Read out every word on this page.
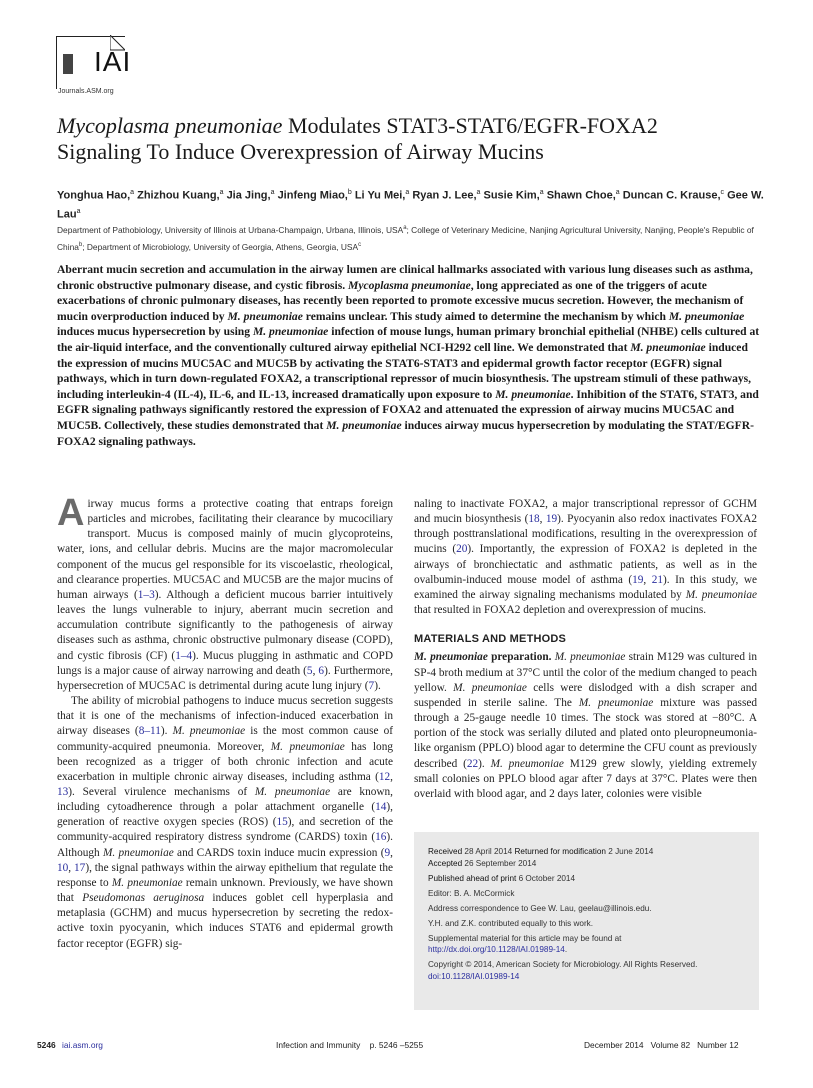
IAI
Journals.ASM.org
Mycoplasma pneumoniae Modulates STAT3-STAT6/EGFR-FOXA2
Signaling To Induce Overexpression of Airway Mucins
Yonghua Hao,$^a$ Zhizhou Kuang,$^a$ Jia Jing,$^a$ Jinfeng Miao,$^b$ Li Yu Mei,$^a$ Ryan J. Lee,$^a$ Susie Kim,$^a$ Shawn Choe,$^a$ Duncan C. Krause,$^c$ Gee W. Lau$^a$
Department of Pathobiology, University of Illinois at Urbana-Champaign, Urbana, Illinois, USA$^a$; College of Veterinary Medicine, Nanjing Agricultural University, Nanjing, People's Republic of China$^b$; Department of Microbiology, University of Georgia, Athens, Georgia, USA$^c$
Aberrant mucin secretion and accumulation in the airway lumen are clinical hallmarks associated with various lung diseases such as asthma, chronic obstructive pulmonary disease, and cystic fibrosis. Mycoplasma pneumoniae, long appreciated as one of the triggers of acute exacerbations of chronic pulmonary diseases, has recently been reported to promote excessive mucus secretion. However, the mechanism of mucin overproduction induced by M. pneumoniae remains unclear. This study aimed to determine the mechanism by which M. pneumoniae induces mucus hypersecretion by using M. pneumoniae infection of mouse lungs, human primary bronchial epithelial (NHBE) cells cultured at the air-liquid interface, and the conventionally cultured airway epithelial NCI-H292 cell line. We demonstrated that M. pneumoniae induced the expression of mucins MUC5AC and MUC5B by activating the STAT6-STAT3 and epidermal growth factor receptor (EGFR) signal pathways, which in turn down-regulated FOXA2, a transcriptional repressor of mucin biosynthesis. The upstream stimuli of these pathways, including interleukin-4 (IL-4), IL-6, and IL-13, increased dramatically upon exposure to M. pneumoniae. Inhibition of the STAT6, STAT3, and EGFR signaling pathways significantly restored the expression of FOXA2 and attenuated the expression of airway mucins MUC5AC and MUC5B. Collectively, these studies demonstrated that M. pneumoniae induces airway mucus hypersecretion by modulating the STAT/EGFR-FOXA2 signaling pathways.

Airway mucus forms a protective coating that entraps foreign particles and microbes, facilitating their clearance by mucociliary transport. Mucus is composed mainly of mucin glycoproteins, water, ions, and cellular debris. Mucins are the major macromolecular component of the mucus gel responsible for its viscoelastic, rheological, and clearance properties. MUC5AC and MUC5B are the major mucins of human airways (1–3). Although a deficient mucous barrier intuitively leaves the lungs vulnerable to injury, aberrant mucin secretion and accumulation contribute significantly to the pathogenesis of airway diseases such as asthma, chronic obstructive pulmonary disease (COPD), and cystic fibrosis (CF) (1–4). Mucus plugging in asthmatic and COPD lungs is a major cause of airway narrowing and death (5, 6). Furthermore, hypersecretion of MUC5AC is detrimental during acute lung injury (7).

The ability of microbial pathogens to induce mucus secretion suggests that it is one of the mechanisms of infection-induced exacerbation in airway diseases (8–11). M. pneumoniae is the most common cause of community-acquired pneumonia. Moreover, M. pneumoniae has long been recognized as a trigger of both chronic infection and acute exacerbation in multiple chronic airway diseases, including asthma (12, 13). Several virulence mechanisms of M. pneumoniae are known, including cytoadherence through a polar attachment organelle (14), generation of reactive oxygen species (ROS) (15), and secretion of the community-acquired respiratory distress syndrome (CARDS) toxin (16). Although M. pneumoniae and CARDS toxin induce mucin expression (9, 10, 17), the signal pathways within the airway epithelium that regulate the response to M. pneumoniae remain unknown. Previously, we have shown that Pseudomonas aeruginosa induces goblet cell hyperplasia and metaplasia (GCHM) and mucus hypersecretion by secreting the redox-active toxin pyocyanin, which induces STAT6 and epidermal growth factor receptor (EGFR) sig-

naling to inactivate FOXA2, a major transcriptional repressor of GCHM and mucin biosynthesis (18, 19). Pyocyanin also redox inactivates FOXA2 through posttranslational modifications, resulting in the overexpression of mucins (20). Importantly, the expression of FOXA2 is depleted in the airways of bronchiectatic and asthmatic patients, as well as in the ovalbumin-induced mouse model of asthma (19, 21). In this study, we examined the airway signaling mechanisms modulated by M. pneumoniae that resulted in FOXA2 depletion and overexpression of mucins.

MATERIALS AND METHODS

M. pneumoniae preparation. M. pneumoniae strain M129 was cultured in SP-4 broth medium at 37°C until the color of the medium changed to peach yellow. M. pneumoniae cells were dislodged with a dish scraper and suspended in sterile saline. The M. pneumoniae mixture was passed through a 25-gauge needle 10 times. The stock was stored at −80°C. A portion of the stock was serially diluted and plated onto pleuropneumonia-like organism (PPLO) blood agar to determine the CFU count as previously described (22). M. pneumoniae M129 grew slowly, yielding extremely small colonies on PPLO blood agar after 7 days at 37°C. Plates were then overlaid with blood agar, and 2 days later, colonies were visible

Received 28 April 2014 Returned for modification 2 June 2014
Accepted 26 September 2014
Published ahead of print 6 October 2014
Editor: B. A. McCormick
Address correspondence to Gee W. Lau, geelau@illinois.edu.
Y.H. and Z.K. contributed equally to this work.
Supplemental material for this article may be found at http://dx.doi.org/10.1128/IAI.01989-14.
Copyright © 2014, American Society for Microbiology. All Rights Reserved.
doi:10.1128/IAI.01989-14
5246 iai.asm.org	Infection and Immunity    p. 5246 –5255	December 2014   Volume 82   Number 12
